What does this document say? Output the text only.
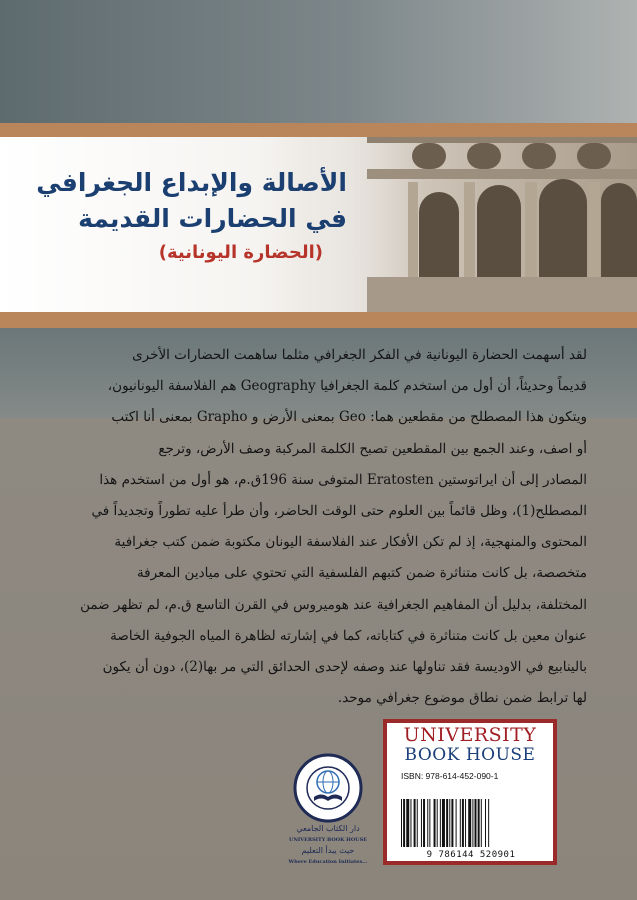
الأصالة والإبداع الجغرافي
في الحضارات القديمة
(الحضارة اليونانية)

لقد أسهمت الحضارة اليونانية في الفكر الجغرافي مثلما ساهمت الحضارات الأخرى

قديماً وحديثاً، أن أول من استخدم كلمة الجغرافيا Geography هم الفلاسفة اليونانيون،

ويتكون هذا المصطلح من مقطعين هما: Geo بمعنى الأرض و Grapho بمعنى أنا اكتب

أو اصف، وعند الجمع بين المقطعين تصبح الكلمة المركبة وصف الأرض، وترجع

المصادر إلى أن ايراتوستين Eratosten المتوفى سنة 196ق.م، هو أول من استخدم هذا

المصطلح(1)، وظل قائماً بين العلوم حتى الوقت الحاضر، وأن طرأ عليه تطوراً وتجديداً في

المحتوى والمنهجية، إذ لم تكن الأفكار عند الفلاسفة اليونان مكتوبة ضمن كتب جغرافية

متخصصة، بل كانت متناثرة ضمن كتبهم الفلسفية التي تحتوي على ميادين المعرفة

المختلفة، بدليل أن المفاهيم الجغرافية عند هوميروس في القرن التاسع ق.م، لم تظهر ضمن

عنوان معين بل كانت متناثرة في كتاباته، كما في إشارته لظاهرة المياه الجوفية الخاصة

بالينابيع في الاوديسة فقد تناولها عند وصفه لإحدى الحدائق التي مر بها(2)، دون أن يكون

لها ترابط ضمن نطاق موضوع جغرافي موحد.

دار الكتاب الجامعي
UNIVERSITY BOOK HOUSE
حيث يبدأ التعليم
Where Education Initiates...
UNIVERSITY
BOOK HOUSE
ISBN: 978-614-452-090-1
9 786144 520901
